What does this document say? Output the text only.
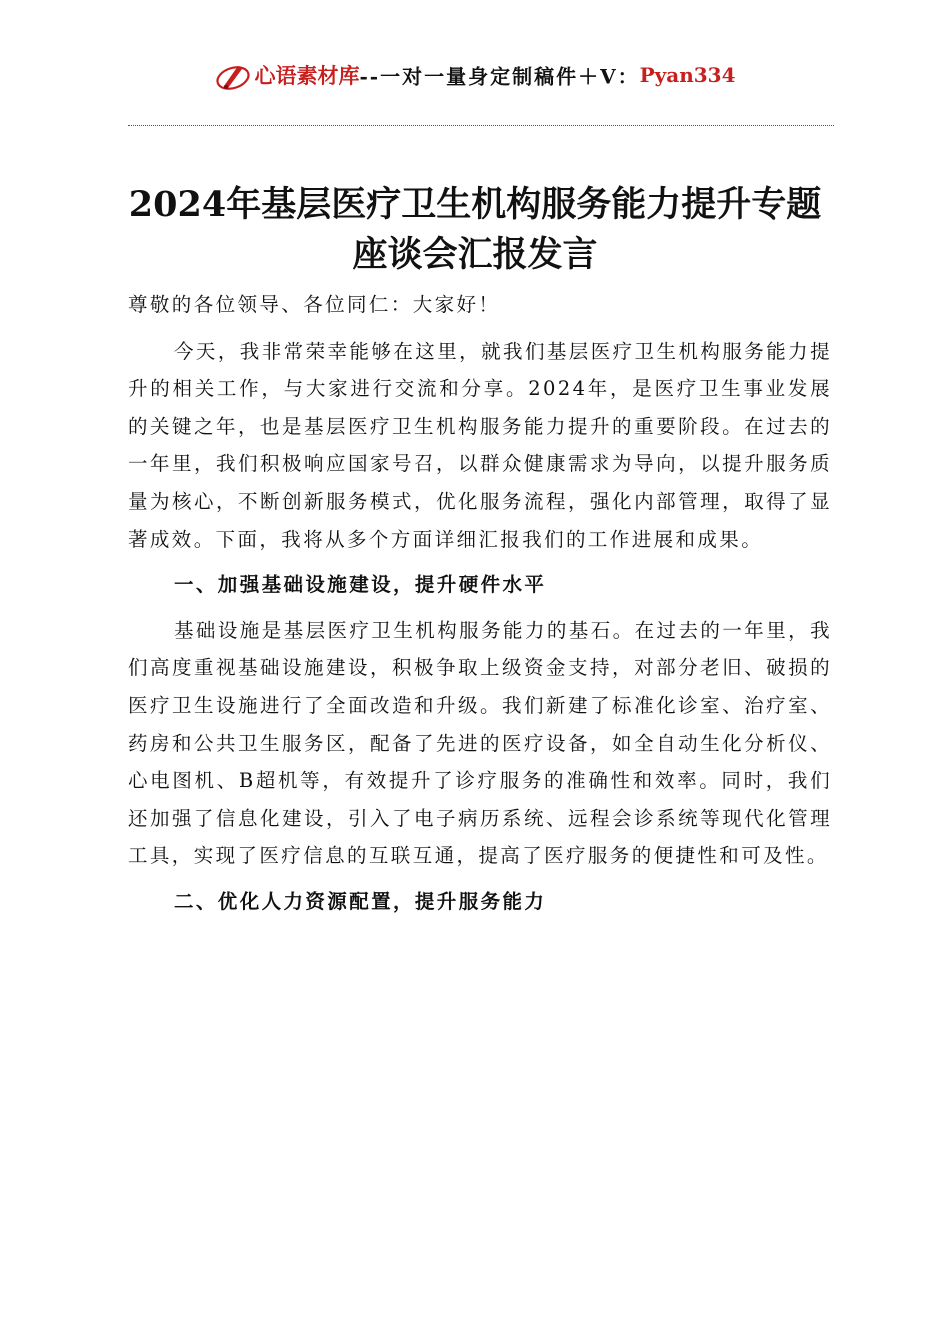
心语素材库--一对一量身定制稿件＋V：Pyan334
2024年基层医疗卫生机构服务能力提升专题
座谈会汇报发言

尊敬的各位领导、各位同仁：大家好！

今天，我非常荣幸能够在这里，就我们基层医疗卫生机构服务能力提升的相关工作，与大家进行交流和分享。2024年，是医疗卫生事业发展的关键之年，也是基层医疗卫生机构服务能力提升的重要阶段。在过去的一年里，我们积极响应国家号召，以群众健康需求为导向，以提升服务质量为核心，不断创新服务模式，优化服务流程，强化内部管理，取得了显著成效。下面，我将从多个方面详细汇报我们的工作进展和成果。

一、加强基础设施建设，提升硬件水平

基础设施是基层医疗卫生机构服务能力的基石。在过去的一年里，我们高度重视基础设施建设，积极争取上级资金支持，对部分老旧、破损的医疗卫生设施进行了全面改造和升级。我们新建了标准化诊室、治疗室、药房和公共卫生服务区，配备了先进的医疗设备，如全自动生化分析仪、心电图机、B超机等，有效提升了诊疗服务的准确性和效率。同时，我们还加强了信息化建设，引入了电子病历系统、远程会诊系统等现代化管理工具，实现了医疗信息的互联互通，提高了医疗服务的便捷性和可及性。

二、优化人力资源配置，提升服务能力
